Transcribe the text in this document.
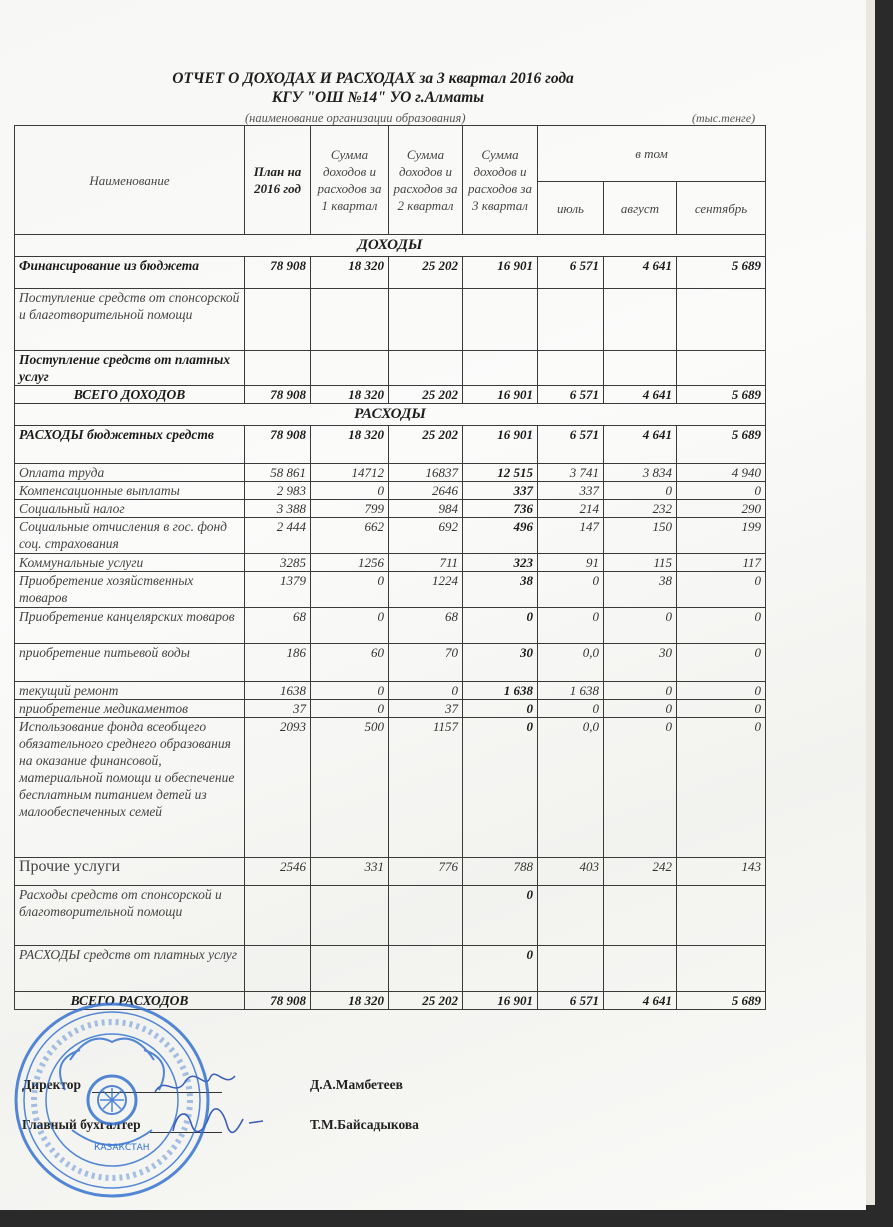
ОТЧЕТ О ДОХОДАХ И РАСХОДАХ за 3 квартал 2016 года
КГУ "ОШ №14" УО г.Алматы
(наименование организации образования)	(тыс.тенге)
Наименование	План на 2016 год	Сумма доходов и расходов за 1 квартал	Сумма доходов и расходов за 2 квартал	Сумма доходов и расходов за 3 квартал	в том		
					июль	август	сентябрь
ДОХОДЫ							
Финансирование из бюджета	78 908	18 320	25 202	16 901	6 571	4 641	5 689
Поступление средств от спонсорской и благотворительной помощи							
Поступление средств от платных услуг							
ВСЕГО ДОХОДОВ	78 908	18 320	25 202	16 901	6 571	4 641	5 689
РАСХОДЫ							
РАСХОДЫ бюджетных средств	78 908	18 320	25 202	16 901	6 571	4 641	5 689
Оплата труда	58 861	14712	16837	12 515	3 741	3 834	4 940
Компенсационные выплаты	2 983	0	2646	337	337	0	0
Социальный налог	3 388	799	984	736	214	232	290
Социальные отчисления в гос. фонд соц. страхования	2 444	662	692	496	147	150	199
Коммунальные услуги	3285	1256	711	323	91	115	117
Приобретение хозяйственных товаров	1379	0	1224	38	0	38	0
Приобретение канцелярских товаров	68	0	68	0	0	0	0
приобретение питьевой воды	186	60	70	30	0,0	30	0
текущий ремонт	1638	0	0	1 638	1 638	0	0
приобретение медикаментов	37	0	37	0	0	0	0
Использование фонда всеобщего обязательного среднего образования на оказание финансовой, материальной помощи и обеспечение бесплатным питанием детей из малообеспеченных семей	2093	500	1157	0	0,0	0	0
Прочие услуги	2546	331	776	788	403	242	143
Расходы средств от спонсорской и благотворительной помощи				0			
РАСХОДЫ средств от платных услуг				0			
ВСЕГО РАСХОДОВ	78 908	18 320	25 202	16 901	6 571	4 641	5 689
Директор	Д.А.Мамбетеев
Главный бухгалтер	Т.М.Байсадыкова
КАЗАКСТАН
